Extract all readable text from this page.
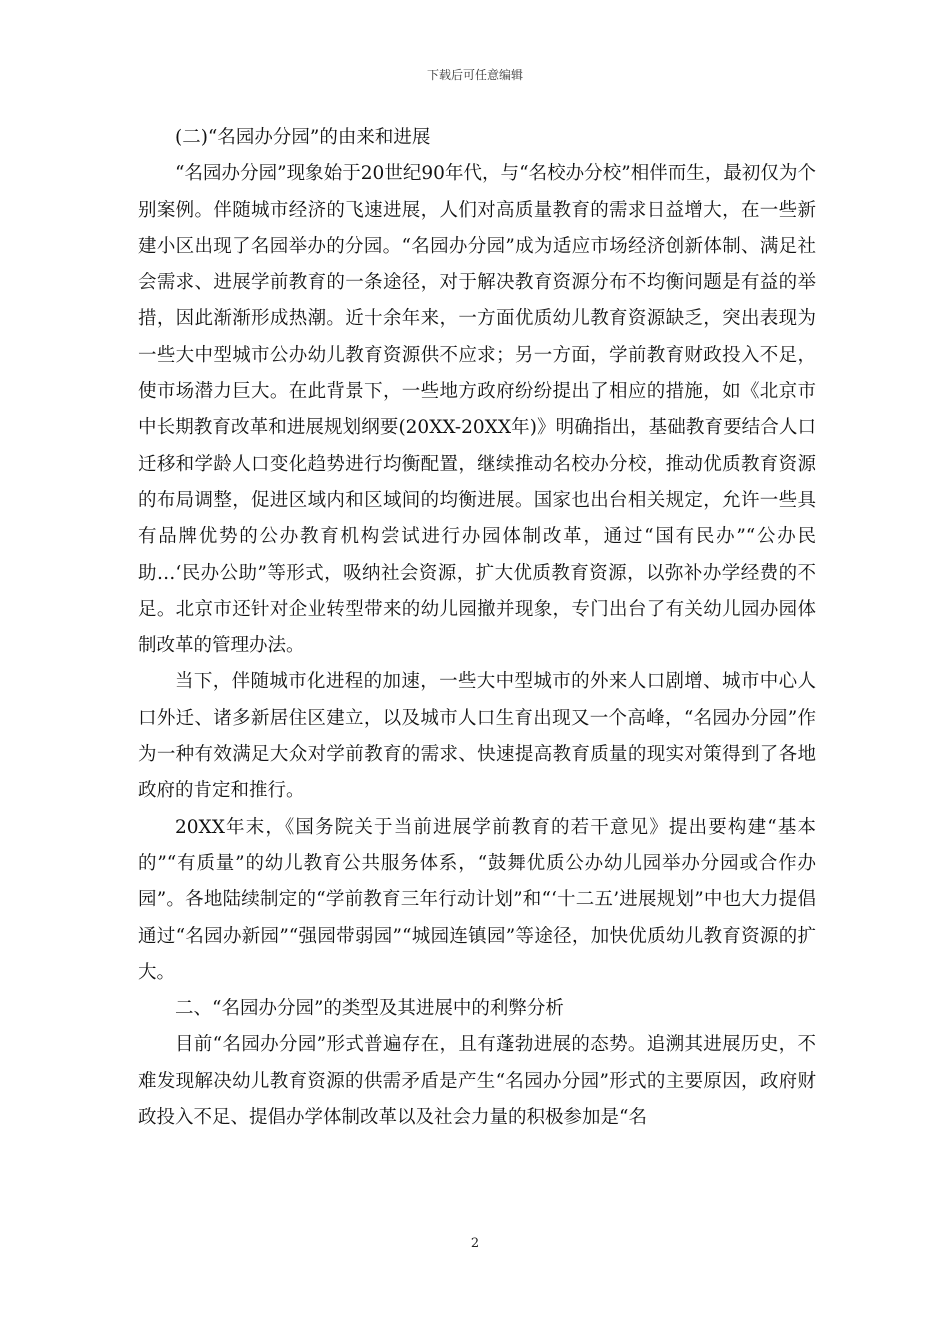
下载后可任意编辑

(二)“名园办分园”的由来和进展

“名园办分园”现象始于20世纪90年代，与“名校办分校”相伴而生，最初仅为个别案例。伴随城市经济的飞速进展，人们对高质量教育的需求日益增大，在一些新建小区出现了名园举办的分园。“名园办分园”成为适应市场经济创新体制、满足社会需求、进展学前教育的一条途径，对于解决教育资源分布不均衡问题是有益的举措，因此渐渐形成热潮。近十余年来，一方面优质幼儿教育资源缺乏，突出表现为一些大中型城市公办幼儿教育资源供不应求；另一方面，学前教育财政投入不足，使市场潜力巨大。在此背景下，一些地方政府纷纷提出了相应的措施，如《北京市中长期教育改革和进展规划纲要(20XX-20XX年)》明确指出，基础教育要结合人口迁移和学龄人口变化趋势进行均衡配置，继续推动名校办分校，推动优质教育资源的布局调整，促进区域内和区域间的均衡进展。国家也出台相关规定，允许一些具有品牌优势的公办教育机构尝试进行办园体制改革，通过“国有民办”“公办民助…‘民办公助”等形式，吸纳社会资源，扩大优质教育资源，以弥补办学经费的不足。北京市还针对企业转型带来的幼儿园撤并现象，专门出台了有关幼儿园办园体制改革的管理办法。

当下，伴随城市化进程的加速，一些大中型城市的外来人口剧增、城市中心人口外迁、诸多新居住区建立，以及城市人口生育出现又一个高峰，“名园办分园”作为一种有效满足大众对学前教育的需求、快速提高教育质量的现实对策得到了各地政府的肯定和推行。

20XX年末，《国务院关于当前进展学前教育的若干意见》提出要构建“基本的”“有质量”的幼儿教育公共服务体系，“鼓舞优质公办幼儿园举办分园或合作办园”。各地陆续制定的“学前教育三年行动计划”和“‘十二五’进展规划”中也大力提倡通过“名园办新园”“强园带弱园”“城园连镇园”等途径，加快优质幼儿教育资源的扩大。

二、“名园办分园”的类型及其进展中的利弊分析

目前“名园办分园”形式普遍存在，且有蓬勃进展的态势。追溯其进展历史，不难发现解决幼儿教育资源的供需矛盾是产生“名园办分园”形式的主要原因，政府财政投入不足、提倡办学体制改革以及社会力量的积极参加是“名

2
